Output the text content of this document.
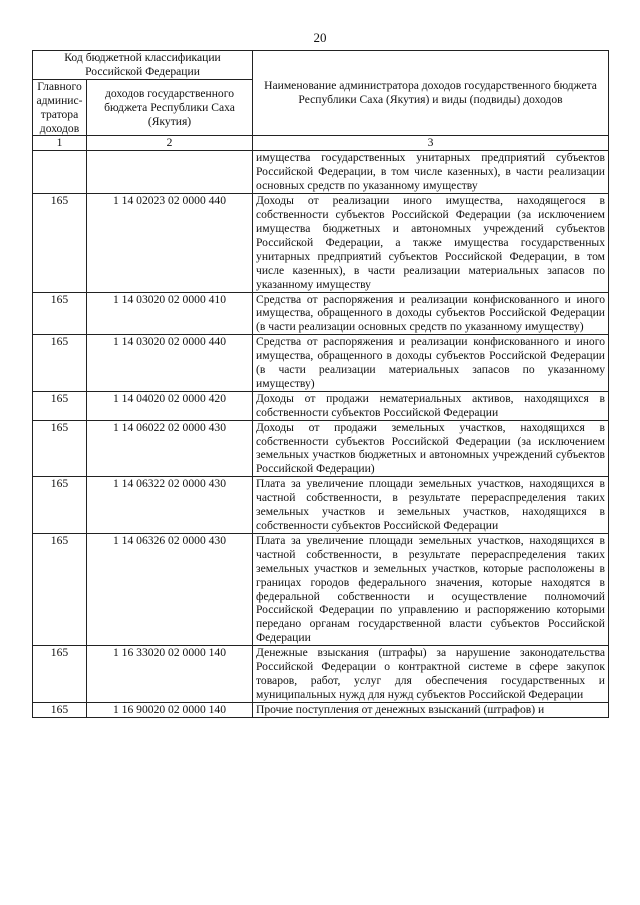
20
Код бюджетной классификации Российской Федерации		Наименование администратора доходов государственного бюджета Республики Саха (Якутия) и виды (подвиды) доходов
Главного админис-тратора доходов	доходов государственного бюджета Республики Саха (Якутия)	
1	2	3
		имущества государственных унитарных предприятий субъектов Российской Федерации, в том числе казенных), в части реализации основных средств по указанному имуществу
165	1 14 02023 02 0000 440	Доходы от реализации иного имущества, находящегося в собственности субъектов Российской Федерации (за исключением имущества бюджетных и автономных учреждений субъектов Российской Федерации, а также имущества государственных унитарных предприятий субъектов Российской Федерации, в том числе казенных), в части реализации материальных запасов по указанному имуществу
165	1 14 03020 02 0000 410	Средства от распоряжения и реализации конфискованного и иного имущества, обращенного в доходы субъектов Российской Федерации (в части реализации основных средств по указанному имуществу)
165	1 14 03020 02 0000 440	Средства от распоряжения и реализации конфискованного и иного имущества, обращенного в доходы субъектов Российской Федерации (в части реализации материальных запасов по указанному имуществу)
165	1 14 04020 02 0000 420	Доходы от продажи нематериальных активов, находящихся в собственности субъектов Российской Федерации
165	1 14 06022 02 0000 430	Доходы от продажи земельных участков, находящихся в собственности субъектов Российской Федерации (за исключением земельных участков бюджетных и автономных учреждений субъектов Российской Федерации)
165	1 14 06322 02 0000 430	Плата за увеличение площади земельных участков, находящихся в частной собственности, в результате перераспределения таких земельных участков и земельных участков, находящихся в собственности субъектов Российской Федерации
165	1 14 06326 02 0000 430	Плата за увеличение площади земельных участков, находящихся в частной собственности, в результате перераспределения таких земельных участков и земельных участков, которые расположены в границах городов федерального значения, которые находятся в федеральной собственности и осуществление полномочий Российской Федерации по управлению и распоряжению которыми передано органам государственной власти субъектов Российской Федерации
165	1 16 33020 02 0000 140	Денежные взыскания (штрафы) за нарушение законодательства Российской Федерации о контрактной системе в сфере закупок товаров, работ, услуг для обеспечения государственных и муниципальных нужд для нужд субъектов Российской Федерации
165	1 16 90020 02 0000 140	Прочие поступления от денежных взысканий (штрафов) и
